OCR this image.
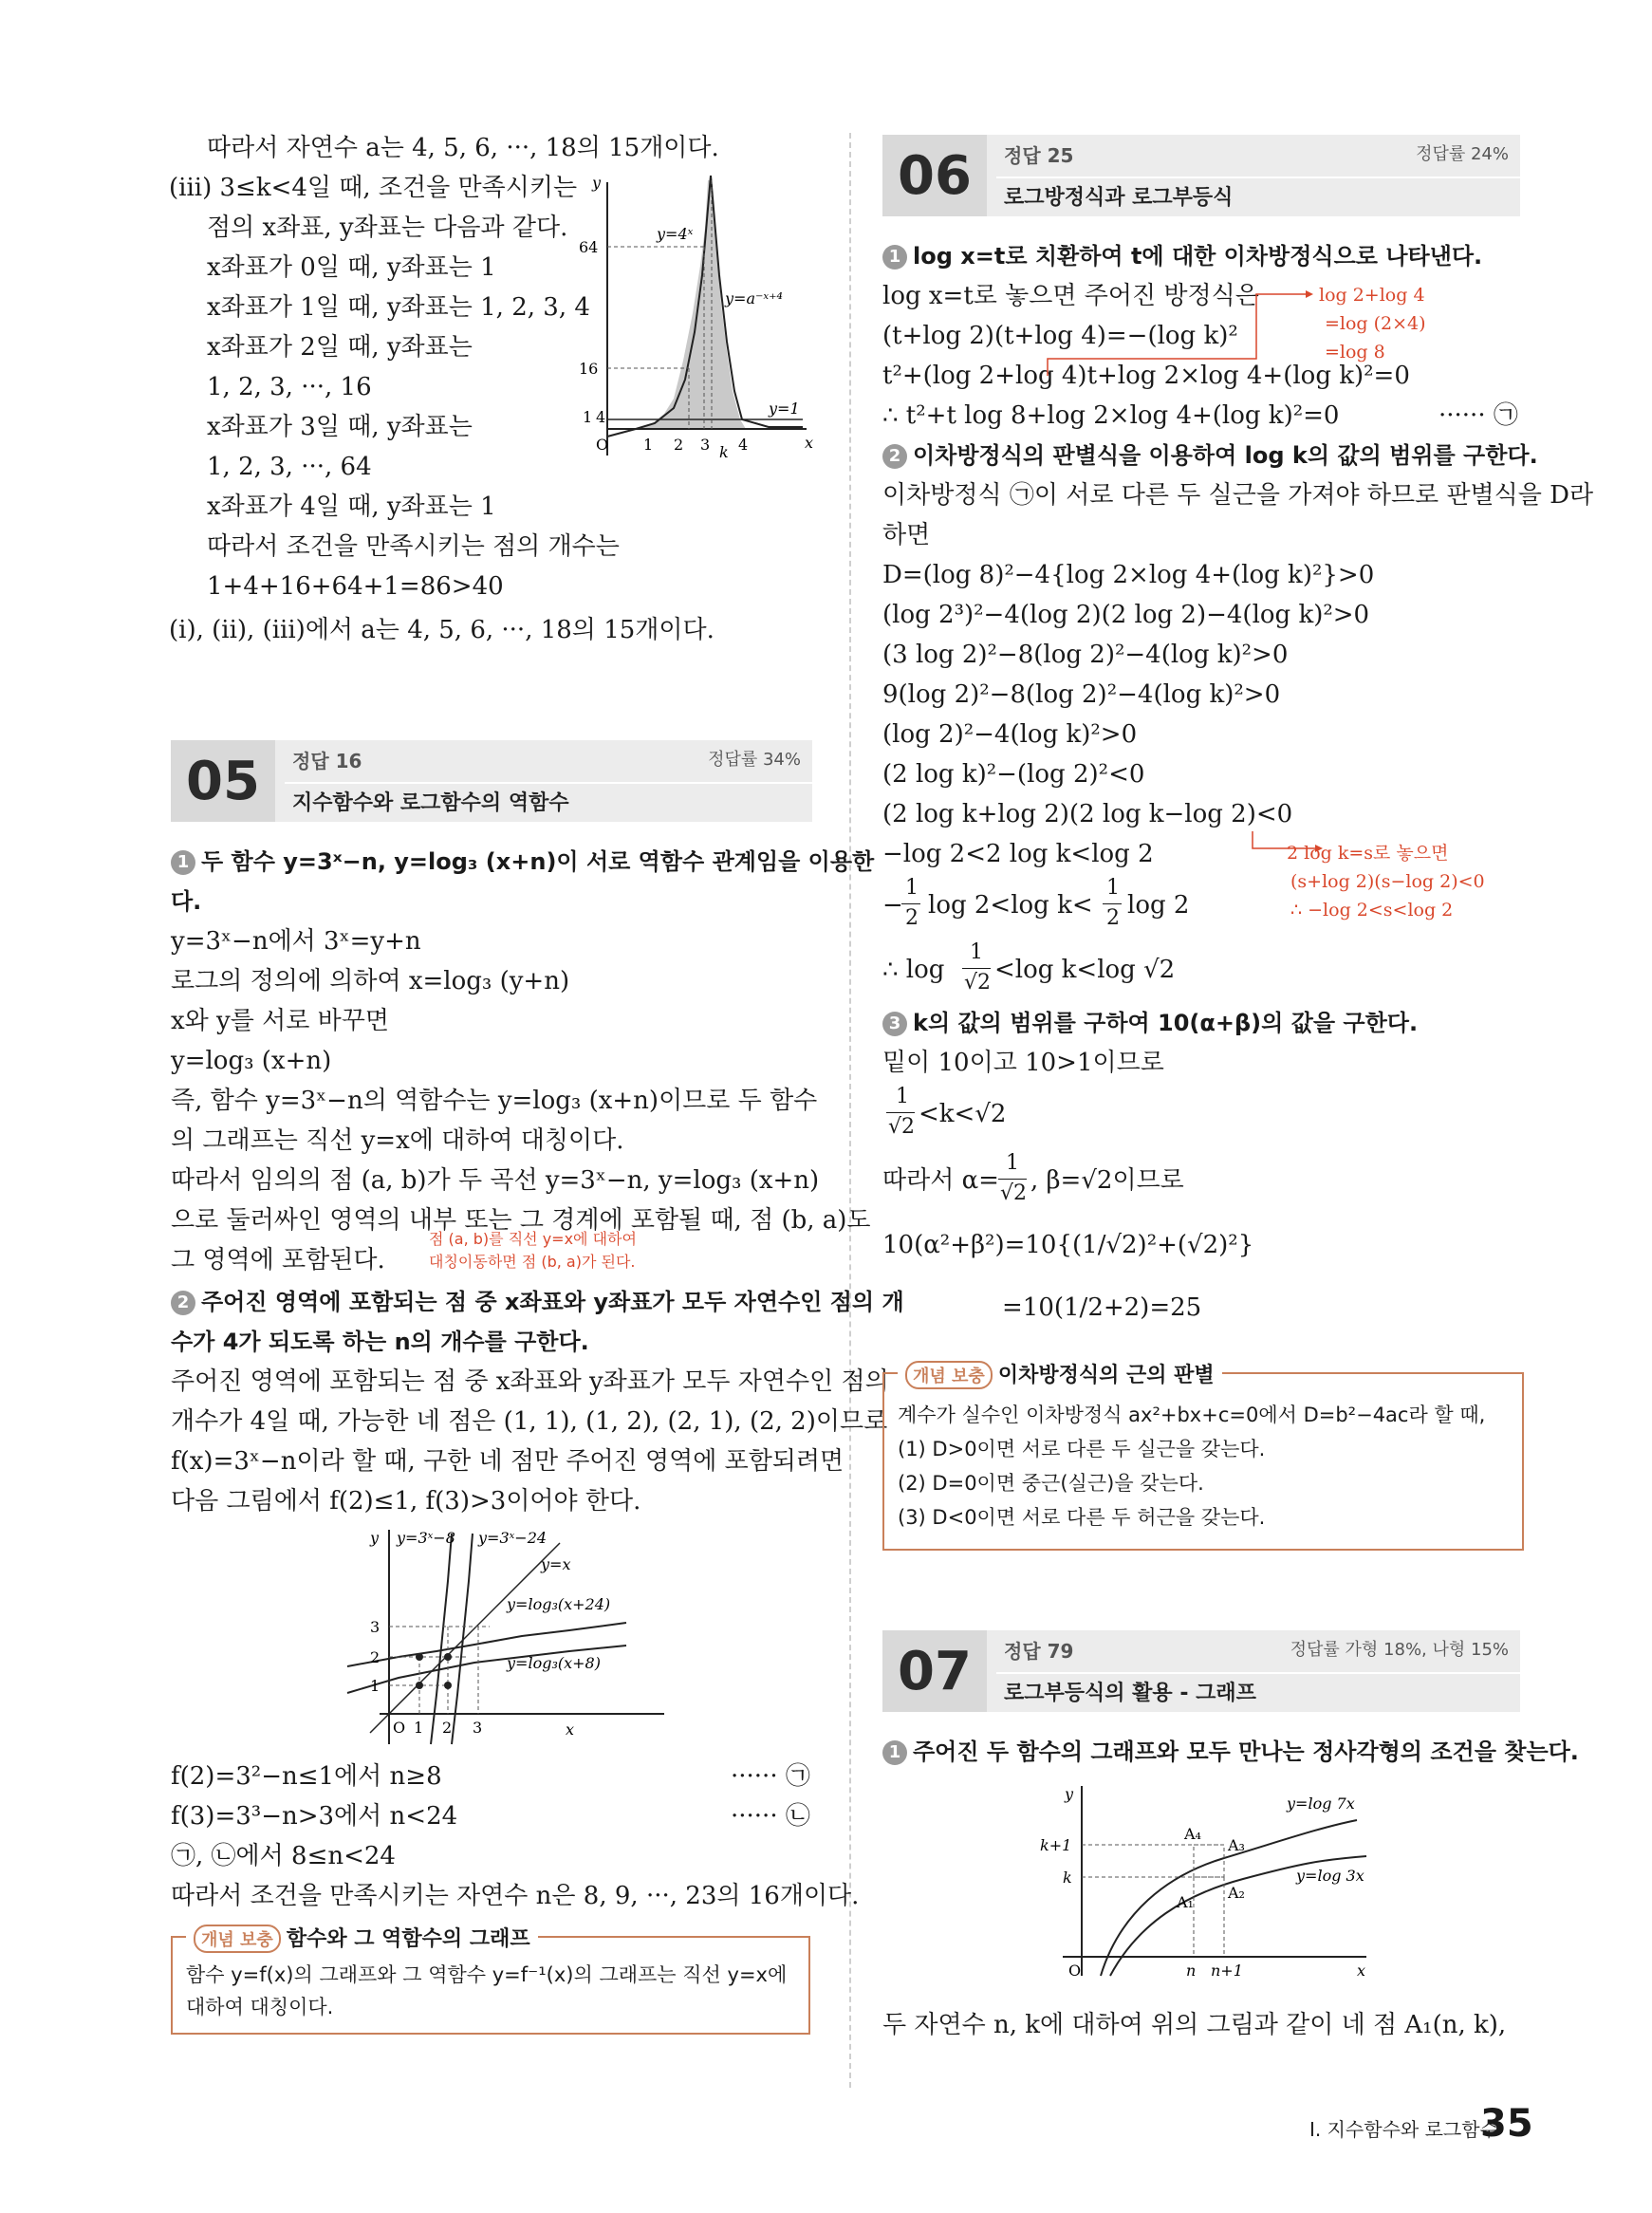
따라서 자연수 a는 4, 5, 6, ···, 18의 15개이다.
(iii) 3≤k<4일 때, 조건을 만족시키는
점의 x좌표, y좌표는 다음과 같다.
x좌표가 0일 때, y좌표는 1
x좌표가 1일 때, y좌표는 1, 2, 3, 4
x좌표가 2일 때, y좌표는
1, 2, 3, ···, 16
x좌표가 3일 때, y좌표는
1, 2, 3, ···, 64
x좌표가 4일 때, y좌표는 1
따라서 조건을 만족시키는 점의 개수는
1+4+16+64+1=86>40
(i), (ii), (iii)에서 a는 4, 5, 6, ···, 18의 15개이다.
y
x
O
y=4ˣ
y=a⁻ˣ⁺⁴
y=1
64
16
1 4
1 2 3 4
k
05	정답 16	정답률 34%
지수함수와 로그함수의 역함수
1 두 함수 y=3ˣ−n, y=log₃ (x+n)이 서로 역함수 관계임을 이용한
다.
y=3ˣ−n에서 3ˣ=y+n
로그의 정의에 의하여 x=log₃ (y+n)
x와 y를 서로 바꾸면
y=log₃ (x+n)
즉, 함수 y=3ˣ−n의 역함수는 y=log₃ (x+n)이므로 두 함수
의 그래프는 직선 y=x에 대하여 대칭이다.
따라서 임의의 점 (a, b)가 두 곡선 y=3ˣ−n, y=log₃ (x+n)
으로 둘러싸인 영역의 내부 또는 그 경계에 포함될 때, 점 (b, a)도
그 영역에 포함된다.
점 (a, b)를 직선 y=x에 대하여
대칭이동하면 점 (b, a)가 된다.
2 주어진 영역에 포함되는 점 중 x좌표와 y좌표가 모두 자연수인 점의 개
수가 4가 되도록 하는 n의 개수를 구한다.
주어진 영역에 포함되는 점 중 x좌표와 y좌표가 모두 자연수인 점의
개수가 4일 때, 가능한 네 점은 (1, 1), (1, 2), (2, 1), (2, 2)이므로
f(x)=3ˣ−n이라 할 때, 구한 네 점만 주어진 영역에 포함되려면
다음 그림에서 f(2)≤1, f(3)>3이어야 한다.
y
x
O
y=3ˣ−8 y=3ˣ−24
y=x
y=log₃(x+24)
y=log₃(x+8)
3
2
1
1 2 3
f(2)=3²−n≤1에서 n≥8	······ ㉠
f(3)=3³−n>3에서 n<24	······ ㉡
㉠, ㉡에서 8≤n<24
따라서 조건을 만족시키는 자연수 n은 8, 9, ···, 23의 16개이다.
개념 보충 함수와 그 역함수의 그래프
함수 y=f(x)의 그래프와 그 역함수 y=f⁻¹(x)의 그래프는 직선 y=x에
대하여 대칭이다.
06	정답 25	정답률 24%
로그방정식과 로그부등식
1 log x=t로 치환하여 t에 대한 이차방정식으로 나타낸다.
log x=t로 놓으면 주어진 방정식은
(t+log 2)(t+log 4)=−(log k)²
t²+(log 2+log 4)t+log 2×log 4+(log k)²=0
∴ t²+t log 8+log 2×log 4+(log k)²=0	······ ㉠
log 2+log 4
=log (2×4)
=log 8
2 이차방정식의 판별식을 이용하여 log k의 값의 범위를 구한다.
이차방정식 ㉠이 서로 다른 두 실근을 가져야 하므로 판별식을 D라
하면
D=(log 8)²−4{log 2×log 4+(log k)²}>0
(log 2³)²−4(log 2)(2 log 2)−4(log k)²>0
(3 log 2)²−8(log 2)²−4(log k)²>0
9(log 2)²−8(log 2)²−4(log k)²>0
(log 2)²−4(log k)²>0
(2 log k)²−(log 2)²<0
(2 log k+log 2)(2 log k−log 2)<0
−log 2<2 log k<log 2	2 log k=s로 놓으면
(s+log 2)(s−log 2)<0
∴ −log 2<s<log 2
−
1
2 log 2<log k<
1
2 log 2
∴ log
1
√2 <log k<log √2
3 k의 값의 범위를 구하여 10(α+β)의 값을 구한다.
밑이 10이고 10>1이므로
1
√2 <k<√2
따라서 α=
1
√2 , β=√2이므로
10(α²+β²)=10{(1/√2)²+(√2)²}
=10(1/2+2)=25
개념 보충 이차방정식의 근의 판별
계수가 실수인 이차방정식 ax²+bx+c=0에서 D=b²−4ac라 할 때,
(1) D>0이면 서로 다른 두 실근을 갖는다.
(2) D=0이면 중근(실근)을 갖는다.
(3) D<0이면 서로 다른 두 허근을 갖는다.
07	정답 79	정답률 가형 18%, 나형 15%
로그부등식의 활용 - 그래프
1 주어진 두 함수의 그래프와 모두 만나는 정사각형의 조건을 찾는다.
y
x
O
y=log 7x
y=log 3x
k+1
k
n n+1
A₄
A₃
A₁
A₂
두 자연수 n, k에 대하여 위의 그림과 같이 네 점 A₁(n, k),
I. 지수함수와 로그함수
35
